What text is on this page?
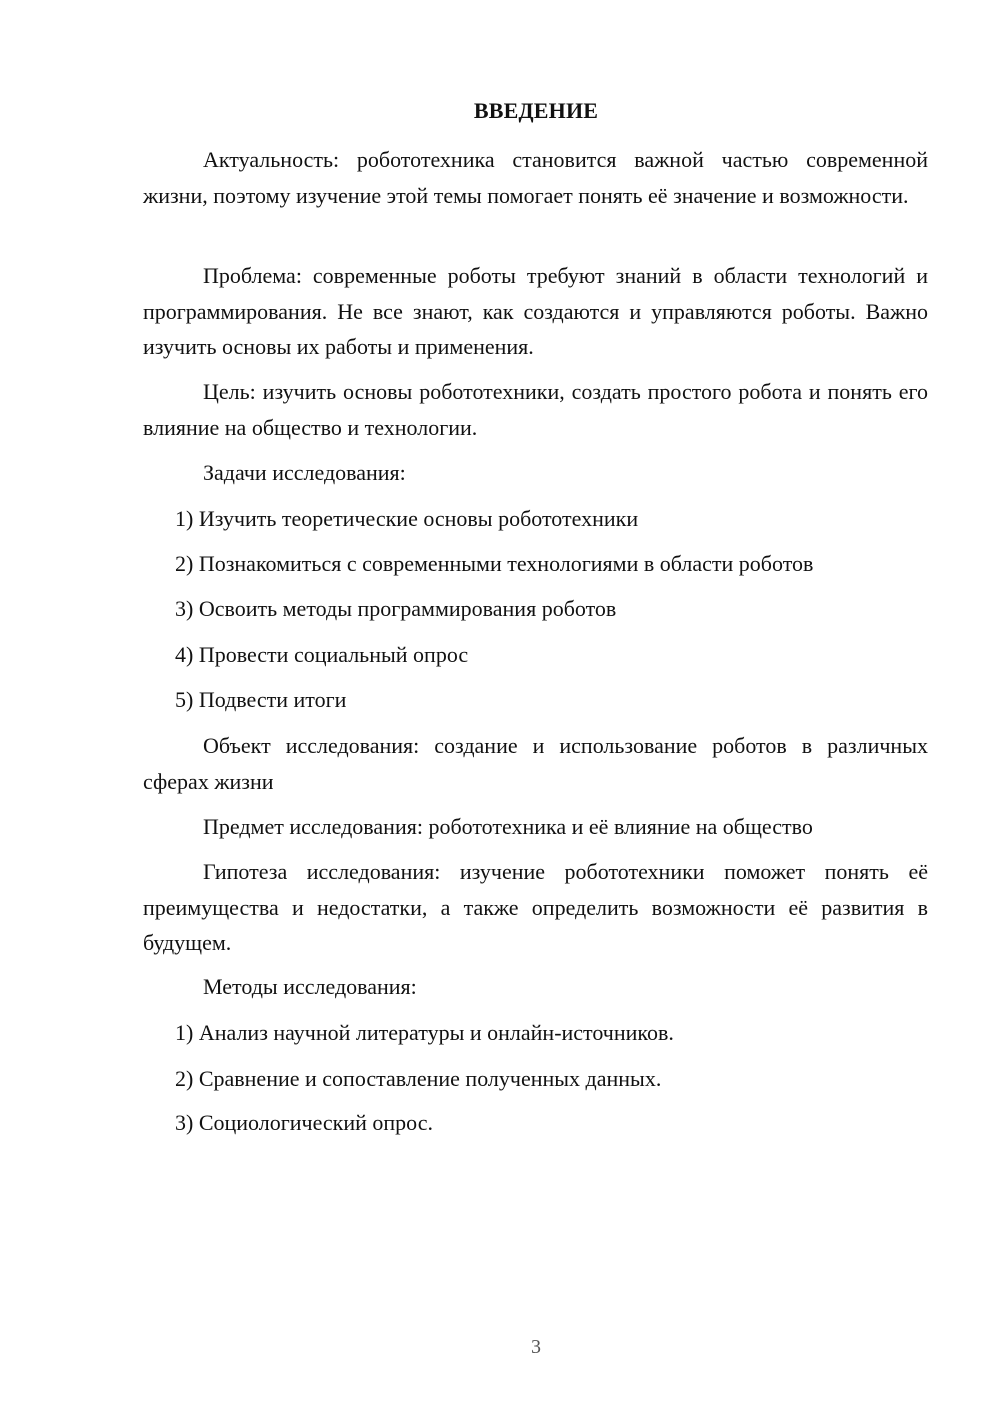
ВВЕДЕНИЕ

Актуальность: робототехника становится важной частью современной жизни, поэтому изучение этой темы помогает понять её значение и возможности.

Проблема: современные роботы требуют знаний в области технологий и программирования. Не все знают, как создаются и управляются роботы. Важно изучить основы их работы и применения.

Цель: изучить основы робототехники, создать простого робота и понять его влияние на общество и технологии.

Задачи исследования:

1) Изучить теоретические основы робототехники

2) Познакомиться с современными технологиями в области роботов

3) Освоить методы программирования роботов

4) Провести социальный опрос

5) Подвести итоги

Объект исследования: создание и использование роботов в различных сферах жизни

Предмет исследования: робототехника и её влияние на общество

Гипотеза исследования: изучение робототехники поможет понять её преимущества и недостатки, а также определить возможности её развития в будущем.

Методы исследования:

1) Анализ научной литературы и онлайн-источников.

2) Сравнение и сопоставление полученных данных.

3) Социологический опрос.

3
